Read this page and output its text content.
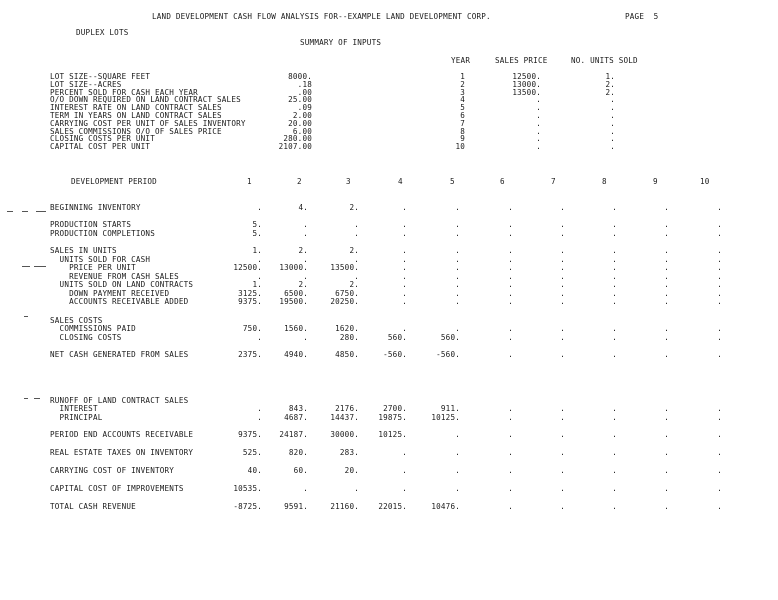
LAND DEVELOPMENT CASH FLOW ANALYSIS FOR--EXAMPLE LAND DEVELOPMENT CORP.	PAGE  5
DUPLEX LOTS
SUMMARY OF INPUTS
YEAR	SALES PRICE	NO. UNITS SOLD
LOT SIZE--SQUARE FEET	8000.
LOT SIZE--ACRES	.18
PERCENT SOLD FOR CASH EACH YEAR	.00
O/O DOWN REQUIRED ON LAND CONTRACT SALES	25.00
INTEREST RATE ON LAND CONTRACT SALES	.09
TERM IN YEARS ON LAND CONTRACT SALES	2.00
CARRYING COST PER UNIT OF SALES INVENTORY	20.00
SALES COMMISSIONS O/O OF SALES PRICE	6.00
CLOSING COSTS PER UNIT	280.00
CAPITAL COST PER UNIT	2107.00
1	12500.	1.
2	13000.	2.
3	13500.	2.
4	.	.
5	.	.
6	.	.
7	.	.
8	.	.
9	.	.
10	.	.
DEVELOPMENT PERIOD	1	2	3	4	5	6	7	8	9	10
BEGINNING INVENTORY	.	4.	2.	.	.	.	.	.	.	.
PRODUCTION STARTS	5.	.	.	.	.	.	.	.	.	.
PRODUCTION COMPLETIONS	5.	.	.	.	.	.	.	.	.	.
SALES IN UNITS	1.	2.	2.	.	.	.	.	.	.	.
UNITS SOLD FOR CASH	.	.	.	.	.	.	.	.	.	.
PRICE PER UNIT	12500.	13000.	13500.	.	.	.	.	.	.	.
REVENUE FROM CASH SALES	.	.	.	.	.	.	.	.	.	.
UNITS SOLD ON LAND CONTRACTS	1.	2.	2.	.	.	.	.	.	.	.
DOWN PAYMENT RECEIVED	3125.	6500.	6750.	.	.	.	.	.	.	.
ACCOUNTS RECEIVABLE ADDED	9375.	19500.	20250.	.	.	.	.	.	.	.
SALES COSTS
COMMISSIONS PAID	750.	1560.	1620.	.	.	.	.	.	.	.
CLOSING COSTS	.	.	280.	560.	560.	.	.	.	.	.
NET CASH GENERATED FROM SALES	2375.	4940.	4850.	-560.	-560.	.	.	.	.	.
RUNOFF OF LAND CONTRACT SALES
INTEREST	.	843.	2176.	2700.	911.	.	.	.	.	.
PRINCIPAL	.	4687.	14437.	19875.	10125.	.	.	.	.	.
PERIOD END ACCOUNTS RECEIVABLE	9375.	24187.	30000.	10125.	.	.	.	.	.	.
REAL ESTATE TAXES ON INVENTORY	525.	820.	283.	.	.	.	.	.	.	.
CARRYING COST OF INVENTORY	40.	60.	20.	.	.	.	.	.	.	.
CAPITAL COST OF IMPROVEMENTS	10535.	.	.	.	.	.	.	.	.	.
TOTAL CASH REVENUE	-8725.	9591.	21160.	22015.	10476.	.	.	.	.	.
